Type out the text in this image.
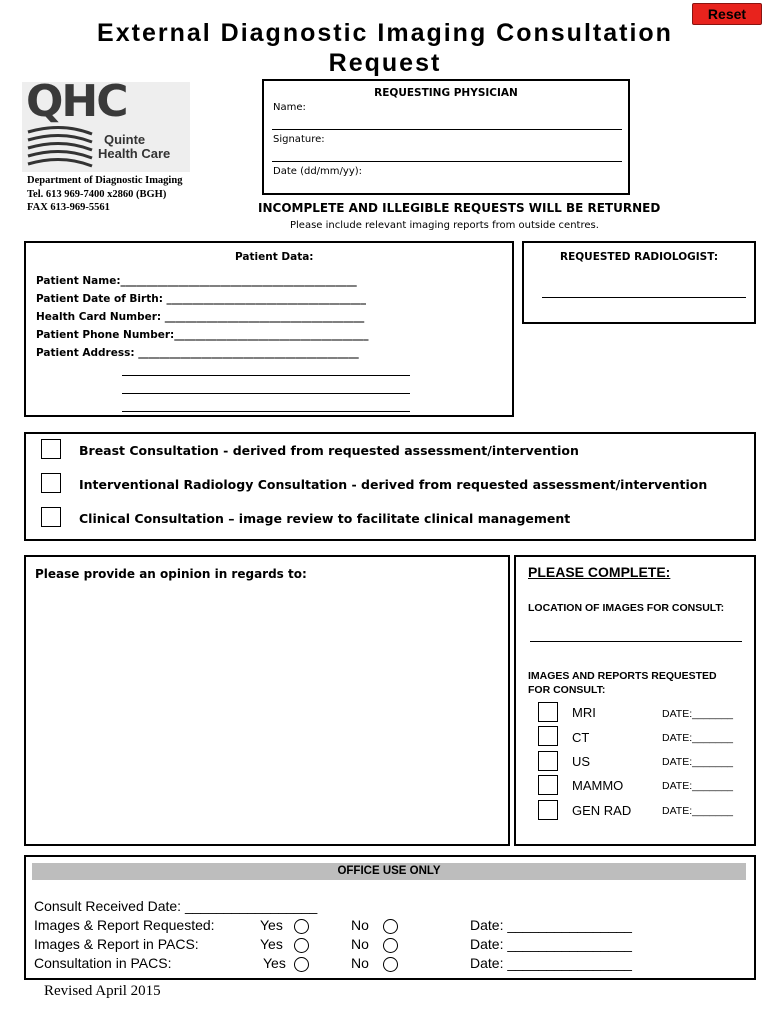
Reset
External Diagnostic Imaging Consultation
Request
QHC
Quinte
Health Care
Department of Diagnostic Imaging
Tel. 613 969-7400 x2860 (BGH)
FAX 613-969-5561
REQUESTING PHYSICIAN
Name:
Signature:
Date (dd/mm/yy):
INCOMPLETE AND ILLEGIBLE REQUESTS WILL BE RETURNED
Please include relevant imaging reports from outside centres.
Patient Data:
Patient Name:_____________________________________________
Patient Date of Birth: ______________________________________
Health Card Number: ______________________________________
Patient Phone Number:_____________________________________
Patient Address: __________________________________________
REQUESTED RADIOLOGIST:
Breast Consultation - derived from requested assessment/intervention
Interventional Radiology Consultation - derived from requested assessment/intervention
Clinical Consultation – image review to facilitate clinical management
Please provide an opinion in regards to:	PLEASE COMPLETE:
LOCATION OF IMAGES FOR CONSULT:
IMAGES AND REPORTS REQUESTED
FOR CONSULT:
MRI	DATE:_______
CT	DATE:_______
US	DATE:_______
MAMMO	DATE:_______
GEN RAD	DATE:_______
OFFICE USE ONLY
Consult Received Date: _________________
Images & Report Requested:	Yes	No	Date: ________________
Images & Report in PACS:	Yes	No	Date: ________________
Consultation in PACS:	Yes	No	Date: ________________
Revised April 2015
